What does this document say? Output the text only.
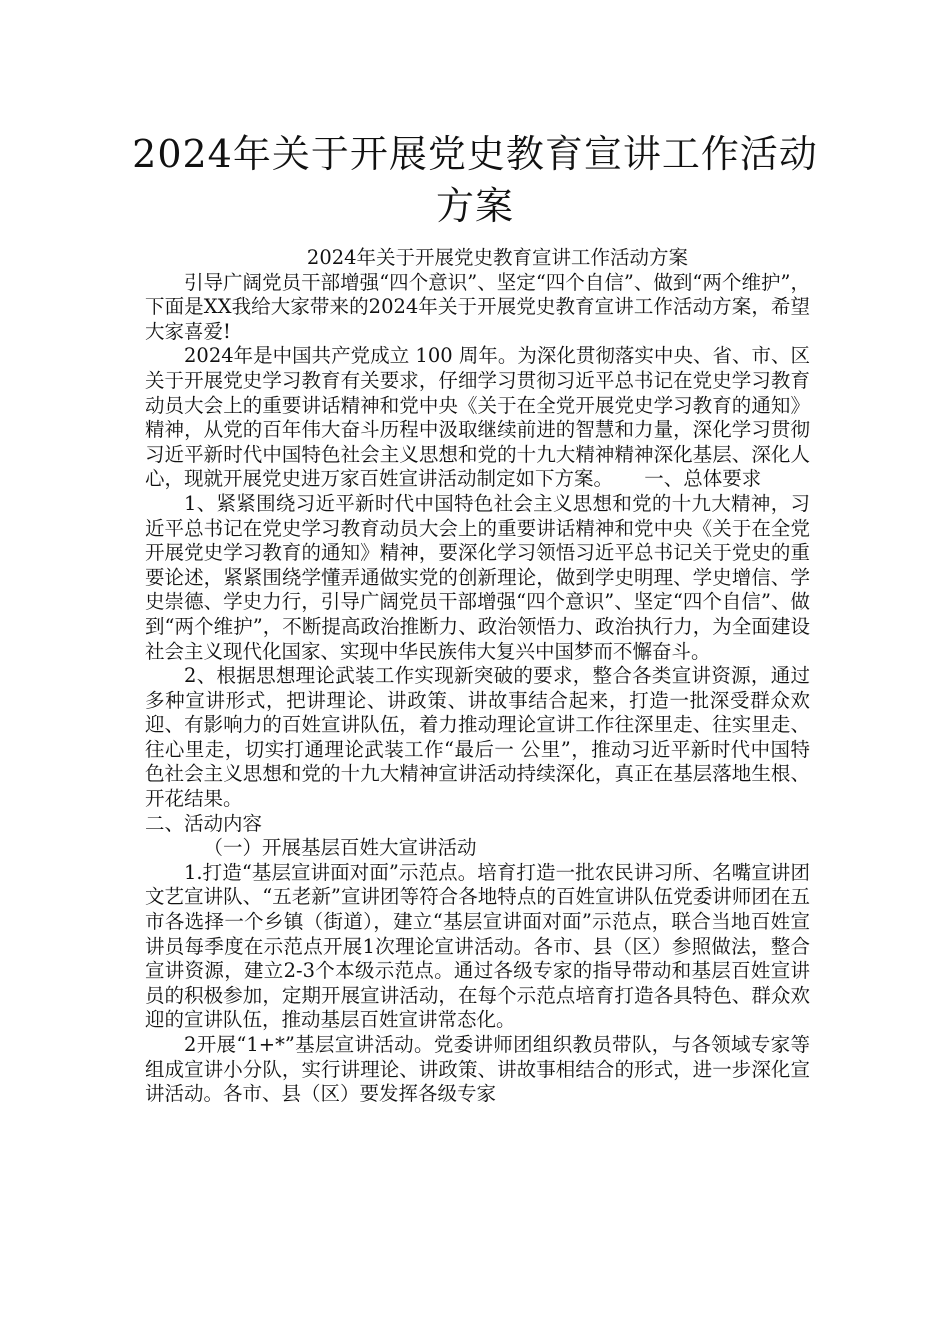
2024年关于开展党史教育宣讲工作活动方案

2024年关于开展党史教育宣讲工作活动方案

引导广阔党员干部增强“四个意识”、坚定“四个自信”、做到“两个维护”，下面是XX我给大家带来的2024年关于开展党史教育宣讲工作活动方案，希望大家喜爱!

2024年是中国共产党成立 100 周年。为深化贯彻落实中央、省、市、区关于开展党史学习教育有关要求，仔细学习贯彻习近平总书记在党史学习教育动员大会上的重要讲话精神和党中央《关于在全党开展党史学习教育的通知》精神，从党的百年伟大奋斗历程中汲取继续前进的智慧和力量，深化学习贯彻习近平新时代中国特色社会主义思想和党的十九大精神精神深化基层、深化人心，现就开展党史进万家百姓宣讲活动制定如下方案。 一、总体要求

1、紧紧围绕习近平新时代中国特色社会主义思想和党的十九大精神，习近平总书记在党史学习教育动员大会上的重要讲话精神和党中央《关于在全党开展党史学习教育的通知》精神，要深化学习领悟习近平总书记关于党史的重要论述，紧紧围绕学懂弄通做实党的创新理论，做到学史明理、学史增信、学史崇德、学史力行，引导广阔党员干部增强“四个意识”、坚定“四个自信”、做到“两个维护”，不断提高政治推断力、政治领悟力、政治执行力，为全面建设社会主义现代化国家、实现中华民族伟大复兴中国梦而不懈奋斗。

2、根据思想理论武装工作实现新突破的要求，整合各类宣讲资源，通过多种宣讲形式，把讲理论、讲政策、讲故事结合起来，打造一批深受群众欢迎、有影响力的百姓宣讲队伍，着力推动理论宣讲工作往深里走、往实里走、往心里走，切实打通理论武装工作“最后一 公里”，推动习近平新时代中国特色社会主义思想和党的十九大精神宣讲活动持续深化，真正在基层落地生根、开花结果。

二、活动内容

（一）开展基层百姓大宣讲活动

1.打造“基层宣讲面对面”示范点。培育打造一批农民讲习所、名嘴宣讲团文艺宣讲队、“五老新”宣讲团等符合各地特点的百姓宣讲队伍党委讲师团在五市各选择一个乡镇（街道），建立“基层宣讲面对面”示范点，联合当地百姓宣讲员每季度在示范点开展1次理论宣讲活动。各市、县（区）参照做法，整合宣讲资源，建立2-3个本级示范点。通过各级专家的指导带动和基层百姓宣讲员的积极参加，定期开展宣讲活动，在每个示范点培育打造各具特色、群众欢迎的宣讲队伍，推动基层百姓宣讲常态化。

2开展“1+*”基层宣讲活动。党委讲师团组织教员带队，与各领域专家等组成宣讲小分队，实行讲理论、讲政策、讲故事相结合的形式，进一步深化宣讲活动。各市、县（区）要发挥各级专家
